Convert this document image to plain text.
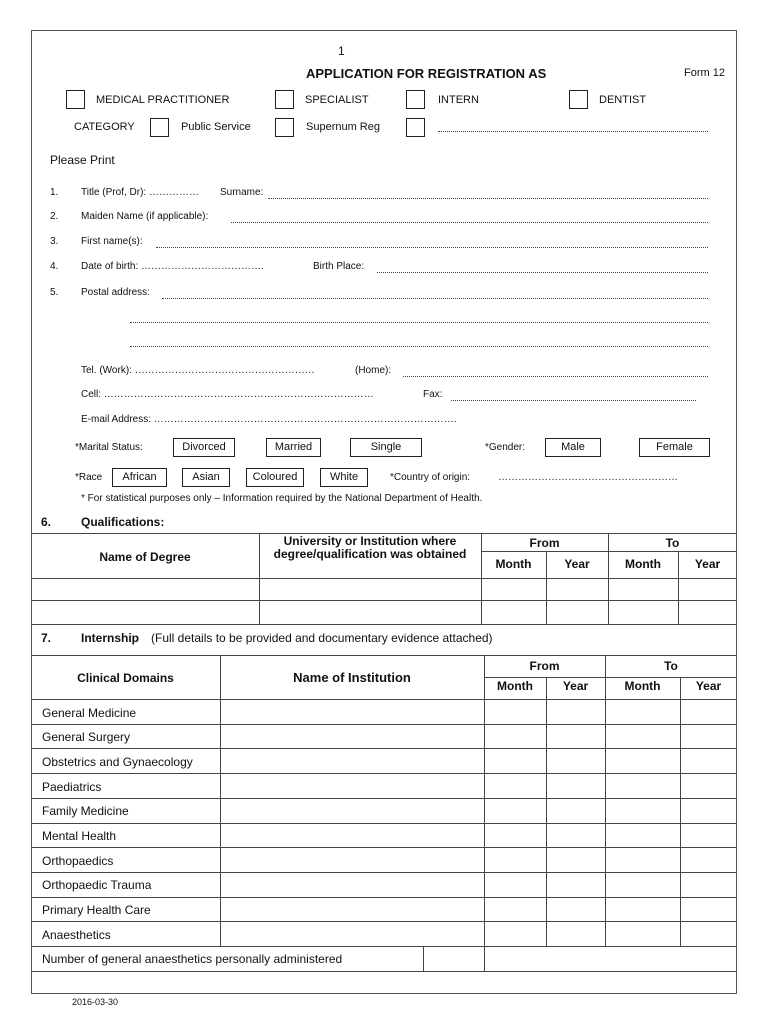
1
APPLICATION FOR REGISTRATION AS	Form 12
MEDICAL PRACTITIONER	SPECIALIST	INTERN	DENTIST
CATEGORY	Public Service	Supernum Reg
Please Print
1. Title (Prof, Dr): …………… Surname:
2. Maiden Name (if applicable):
3. First name(s):
4. Date of birth: ……………………………….	Birth Place:
5. Postal address:
Tel. (Work): ………………………………………………	(Home):
Cell: ………………………………………………………………………	Fax:
E-mail Address: ……………………………………………………………………………….
*Marital Status:	Divorced	Married	Single	*Gender:	Male	Female
*Race	African	Asian	Coloured	White	*Country of origin:	………………………………………………
* For statistical purposes only – Information required by the National Department of Health.
6. Qualifications:
Name of Degree
University or Institution where degree/qualification was obtained
From	To
Month	Year	Month	Year
7. Internship (Full details to be provided and documentary evidence attached)
Clinical Domains	Name of Institution
From	To
Month	Year	Month	Year
General Medicine
General Surgery
Obstetrics and Gynaecology
Paediatrics
Family Medicine
Mental Health
Orthopaedics
Orthopaedic Trauma
Primary Health Care
Anaesthetics
Number of general anaesthetics personally administered
2016-03-30
